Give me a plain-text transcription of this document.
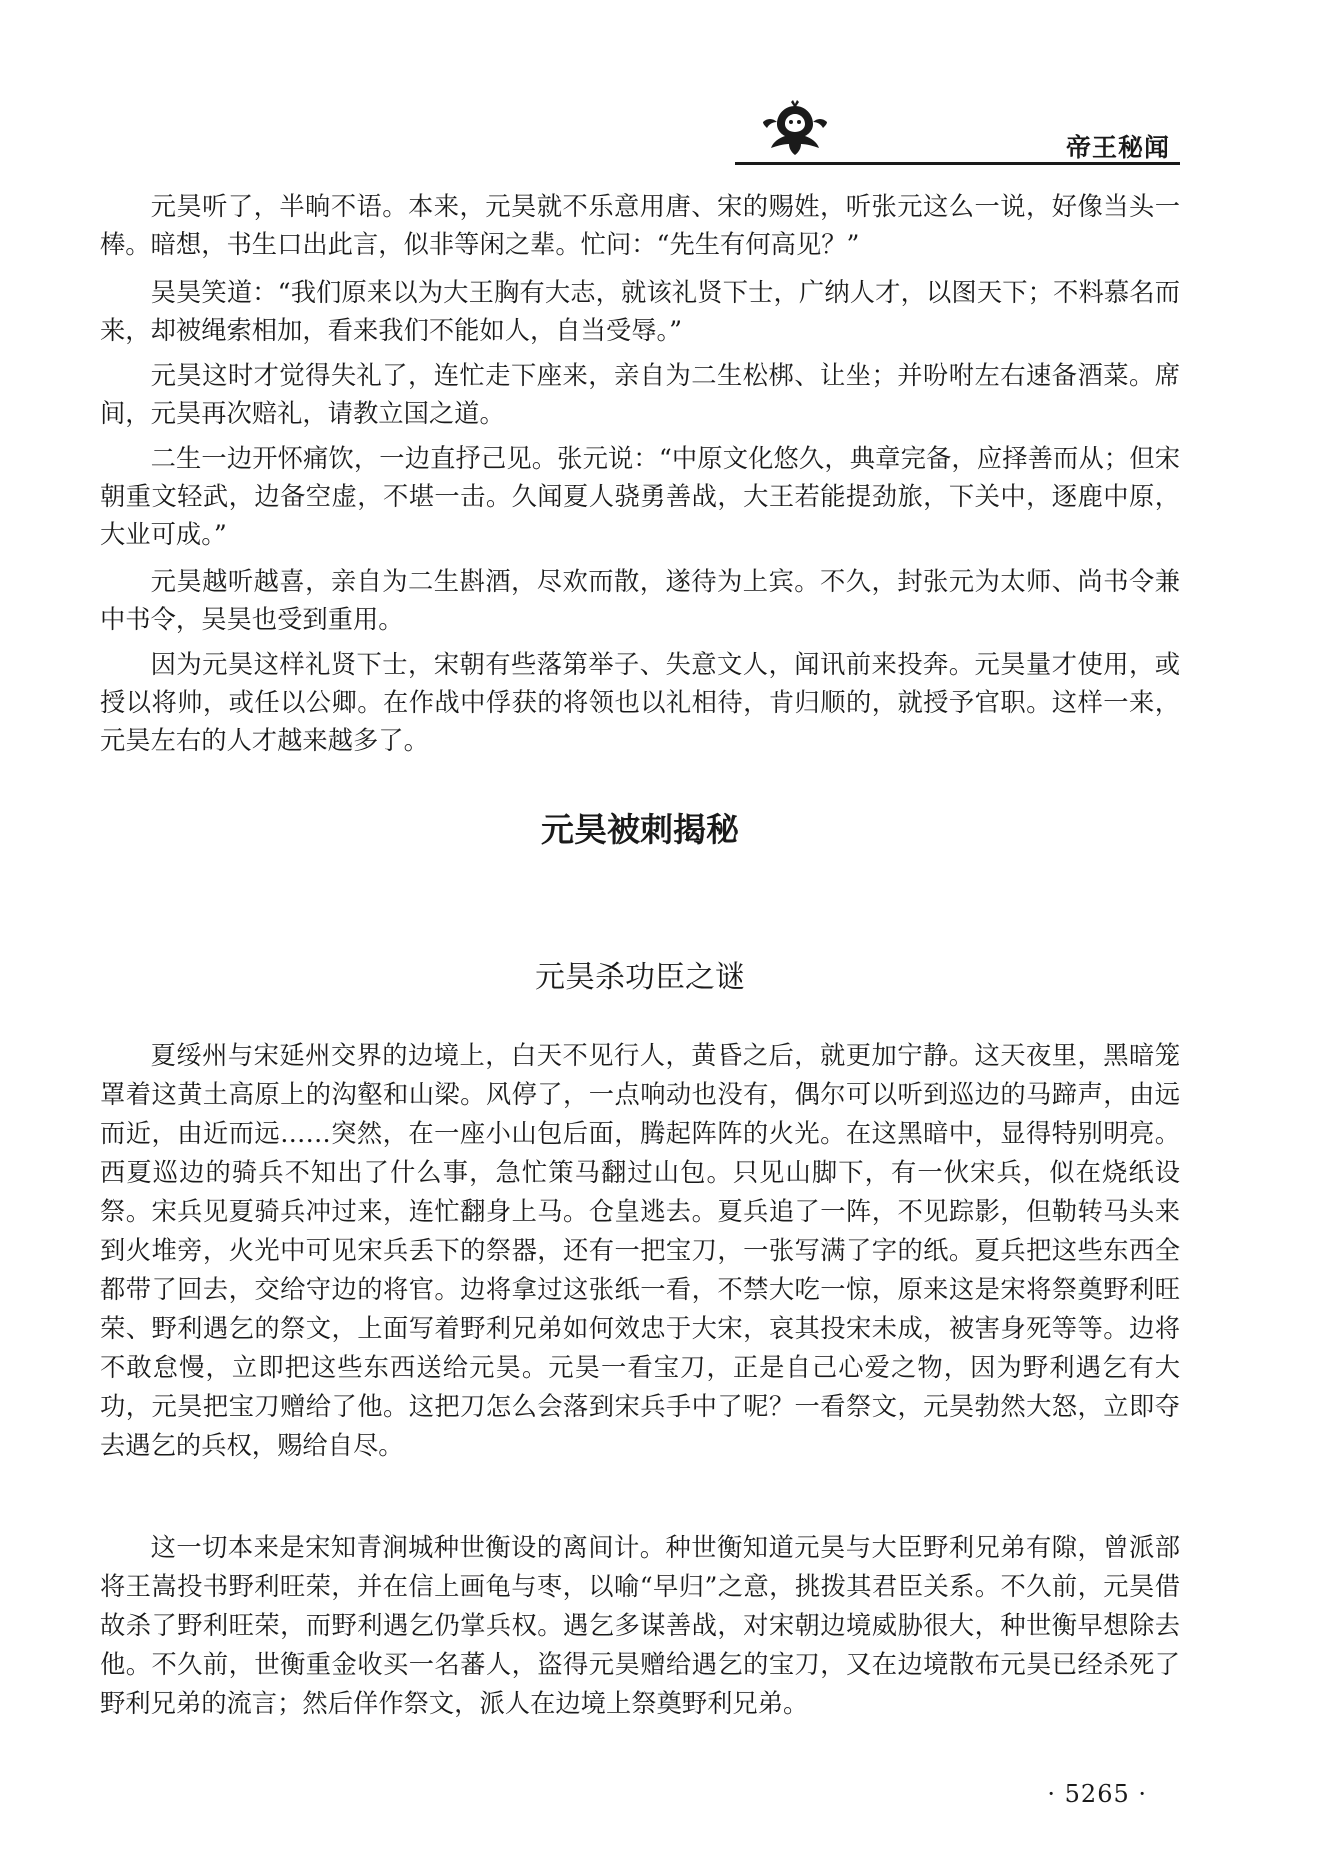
帝王秘闻

元昊听了，半晌不语。本来，元昊就不乐意用唐、宋的赐姓，听张元这么一说，好像当头一棒。暗想，书生口出此言，似非等闲之辈。忙问：“先生有何高见？”

吴昊笑道：“我们原来以为大王胸有大志，就该礼贤下士，广纳人才，以图天下；不料慕名而来，却被绳索相加，看来我们不能如人，自当受辱。”

元昊这时才觉得失礼了，连忙走下座来，亲自为二生松梆、让坐；并吩咐左右速备酒菜。席间，元昊再次赔礼，请教立国之道。

二生一边开怀痛饮，一边直抒己见。张元说：“中原文化悠久，典章完备，应择善而从；但宋朝重文轻武，边备空虚，不堪一击。久闻夏人骁勇善战，大王若能提劲旅，下关中，逐鹿中原，大业可成。”

元昊越听越喜，亲自为二生斟酒，尽欢而散，遂待为上宾。不久，封张元为太师、尚书令兼中书令，吴昊也受到重用。

因为元昊这样礼贤下士，宋朝有些落第举子、失意文人，闻讯前来投奔。元昊量才使用，或授以将帅，或任以公卿。在作战中俘获的将领也以礼相待，肯归顺的，就授予官职。这样一来，元昊左右的人才越来越多了。

元昊被刺揭秘
元昊杀功臣之谜

夏绥州与宋延州交界的边境上，白天不见行人，黄昏之后，就更加宁静。这天夜里，黑暗笼罩着这黄土高原上的沟壑和山梁。风停了，一点响动也没有，偶尔可以听到巡边的马蹄声，由远而近，由近而远……突然，在一座小山包后面，腾起阵阵的火光。在这黑暗中，显得特别明亮。西夏巡边的骑兵不知出了什么事，急忙策马翻过山包。只见山脚下，有一伙宋兵，似在烧纸设祭。宋兵见夏骑兵冲过来，连忙翻身上马。仓皇逃去。夏兵追了一阵，不见踪影，但勒转马头来到火堆旁，火光中可见宋兵丢下的祭器，还有一把宝刀，一张写满了字的纸。夏兵把这些东西全都带了回去，交给守边的将官。边将拿过这张纸一看，不禁大吃一惊，原来这是宋将祭奠野利旺荣、野利遇乞的祭文，上面写着野利兄弟如何效忠于大宋，哀其投宋未成，被害身死等等。边将不敢怠慢，立即把这些东西送给元昊。元昊一看宝刀，正是自己心爱之物，因为野利遇乞有大功，元昊把宝刀赠给了他。这把刀怎么会落到宋兵手中了呢？一看祭文，元昊勃然大怒，立即夺去遇乞的兵权，赐给自尽。

这一切本来是宋知青涧城种世衡设的离间计。种世衡知道元昊与大臣野利兄弟有隙，曾派部将王嵩投书野利旺荣，并在信上画龟与枣，以喻“早归”之意，挑拨其君臣关系。不久前，元昊借故杀了野利旺荣，而野利遇乞仍掌兵权。遇乞多谋善战，对宋朝边境威胁很大，种世衡早想除去他。不久前，世衡重金收买一名蕃人，盗得元昊赠给遇乞的宝刀，又在边境散布元昊已经杀死了野利兄弟的流言；然后佯作祭文，派人在边境上祭奠野利兄弟。

· 5265 ·
